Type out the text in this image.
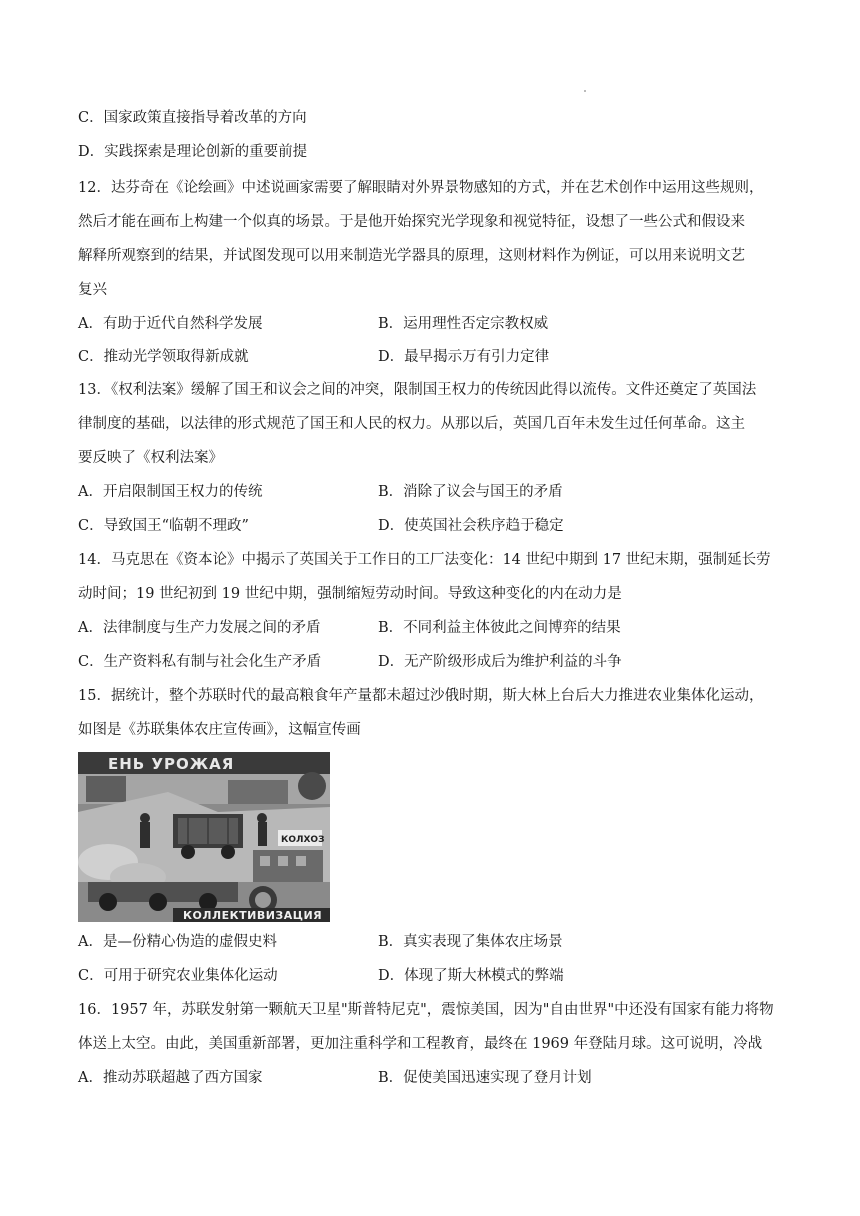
C．国家政策直接指导着改革的方向
D．实践探索是理论创新的重要前提
12．达芬奇在《论绘画》中述说画家需要了解眼睛对外界景物感知的方式，并在艺术创作中运用这些规则，
然后才能在画布上构建一个似真的场景。于是他开始探究光学现象和视觉特征，设想了一些公式和假设来
解释所观察到的结果，并试图发现可以用来制造光学器具的原理，这则材料作为例证，可以用来说明文艺
复兴
A．有助于近代自然科学发展	B．运用理性否定宗教权威
C．推动光学领取得新成就	D．最早揭示万有引力定律
13．《权利法案》缓解了国王和议会之间的冲突，限制国王权力的传统因此得以流传。文件还奠定了英国法
律制度的基础，以法律的形式规范了国王和人民的权力。从那以后，英国几百年未发生过任何革命。这主
要反映了《权利法案》
A．开启限制国王权力的传统	B．消除了议会与国王的矛盾
C．导致国王“临朝不理政”	D．使英国社会秩序趋于稳定
14．马克思在《资本论》中揭示了英国关于工作日的工厂法变化：14 世纪中期到 17 世纪末期，强制延长劳
动时间；19 世纪初到 19 世纪中期，强制缩短劳动时间。导致这种变化的内在动力是
A．法律制度与生产力发展之间的矛盾	B．不同利益主体彼此之间博弈的结果
C．生产资料私有制与社会化生产矛盾	D．无产阶级形成后为维护利益的斗争
15．据统计，整个苏联时代的最高粮食年产量都未超过沙俄时期，斯大林上台后大力推进农业集体化运动，
如图是《苏联集体农庄宣传画》，这幅宣传画
ЕНЬ УРОЖАЯ
КОЛХОЗ
КОЛЛЕКТИВИЗАЦИЯ
A．是—份精心伪造的虚假史料	B．真实表现了集体农庄场景
C．可用于研究农业集体化运动	D．体现了斯大林模式的弊端
16．1957 年，苏联发射第一颗航天卫星"斯普特尼克"，震惊美国，因为"自由世界"中还没有国家有能力将物
体送上太空。由此，美国重新部署，更加注重科学和工程教育，最终在 1969 年登陆月球。这可说明，冷战
A．推动苏联超越了西方国家	B．促使美国迅速实现了登月计划
